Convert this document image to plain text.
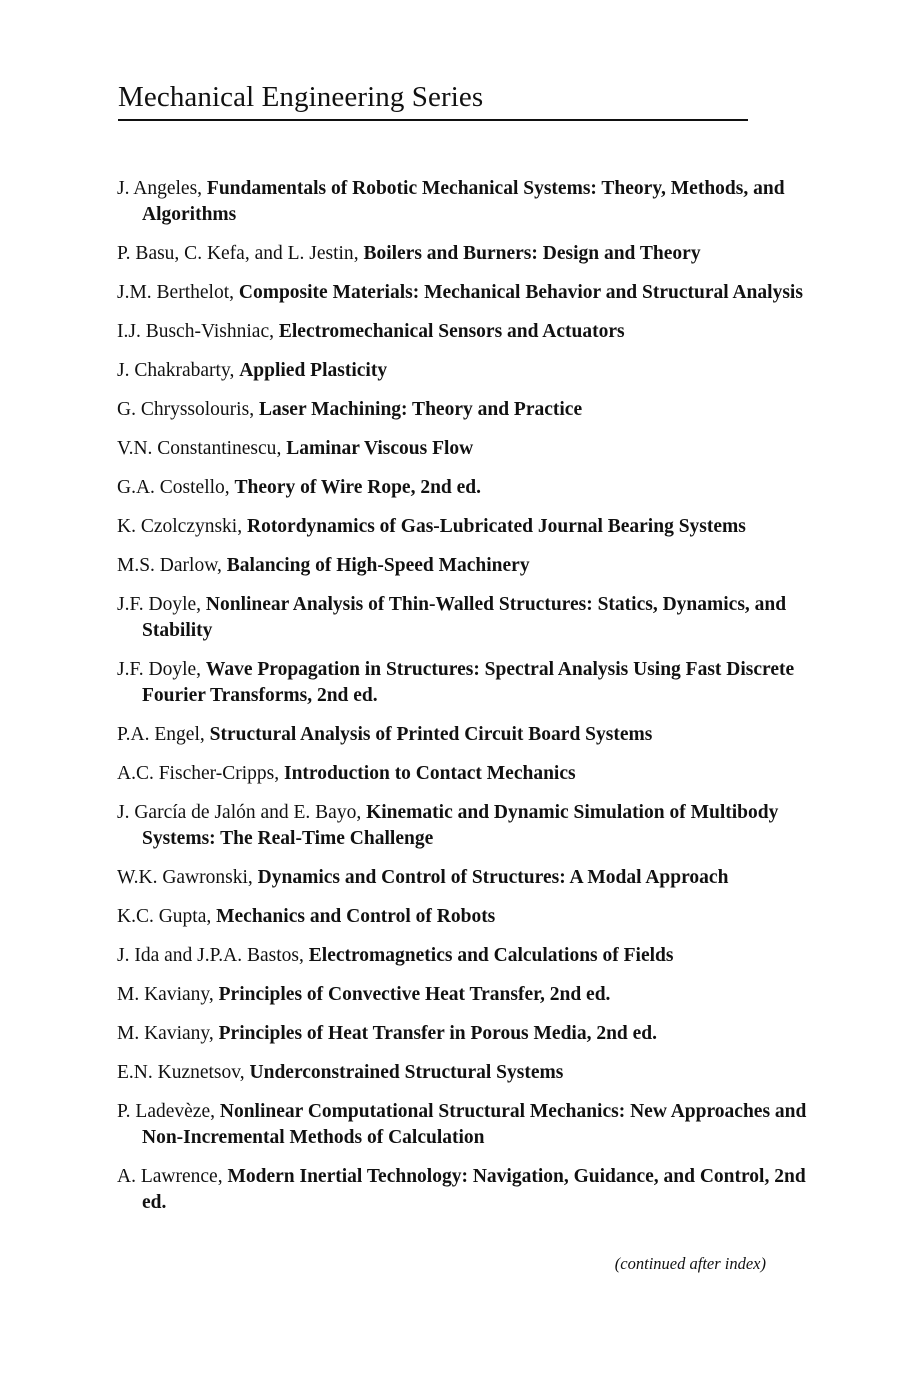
Mechanical Engineering Series
J. Angeles, Fundamentals of Robotic Mechanical Systems: Theory, Methods, and Algorithms
P. Basu, C. Kefa, and L. Jestin, Boilers and Burners: Design and Theory
J.M. Berthelot, Composite Materials: Mechanical Behavior and Structural Analysis
I.J. Busch-Vishniac, Electromechanical Sensors and Actuators
J. Chakrabarty, Applied Plasticity
G. Chryssolouris, Laser Machining: Theory and Practice
V.N. Constantinescu, Laminar Viscous Flow
G.A. Costello, Theory of Wire Rope, 2nd ed.
K. Czolczynski, Rotordynamics of Gas-Lubricated Journal Bearing Systems
M.S. Darlow, Balancing of High-Speed Machinery
J.F. Doyle, Nonlinear Analysis of Thin-Walled Structures: Statics, Dynamics, and Stability
J.F. Doyle, Wave Propagation in Structures: Spectral Analysis Using Fast Discrete Fourier Transforms, 2nd ed.
P.A. Engel, Structural Analysis of Printed Circuit Board Systems
A.C. Fischer-Cripps, Introduction to Contact Mechanics
J. García de Jalón and E. Bayo, Kinematic and Dynamic Simulation of Multibody Systems: The Real-Time Challenge
W.K. Gawronski, Dynamics and Control of Structures: A Modal Approach
K.C. Gupta, Mechanics and Control of Robots
J. Ida and J.P.A. Bastos, Electromagnetics and Calculations of Fields
M. Kaviany, Principles of Convective Heat Transfer, 2nd ed.
M. Kaviany, Principles of Heat Transfer in Porous Media, 2nd ed.
E.N. Kuznetsov, Underconstrained Structural Systems
P. Ladevèze, Nonlinear Computational Structural Mechanics: New Approaches and Non-Incremental Methods of Calculation
A. Lawrence, Modern Inertial Technology: Navigation, Guidance, and Control, 2nd ed.
(continued after index)
